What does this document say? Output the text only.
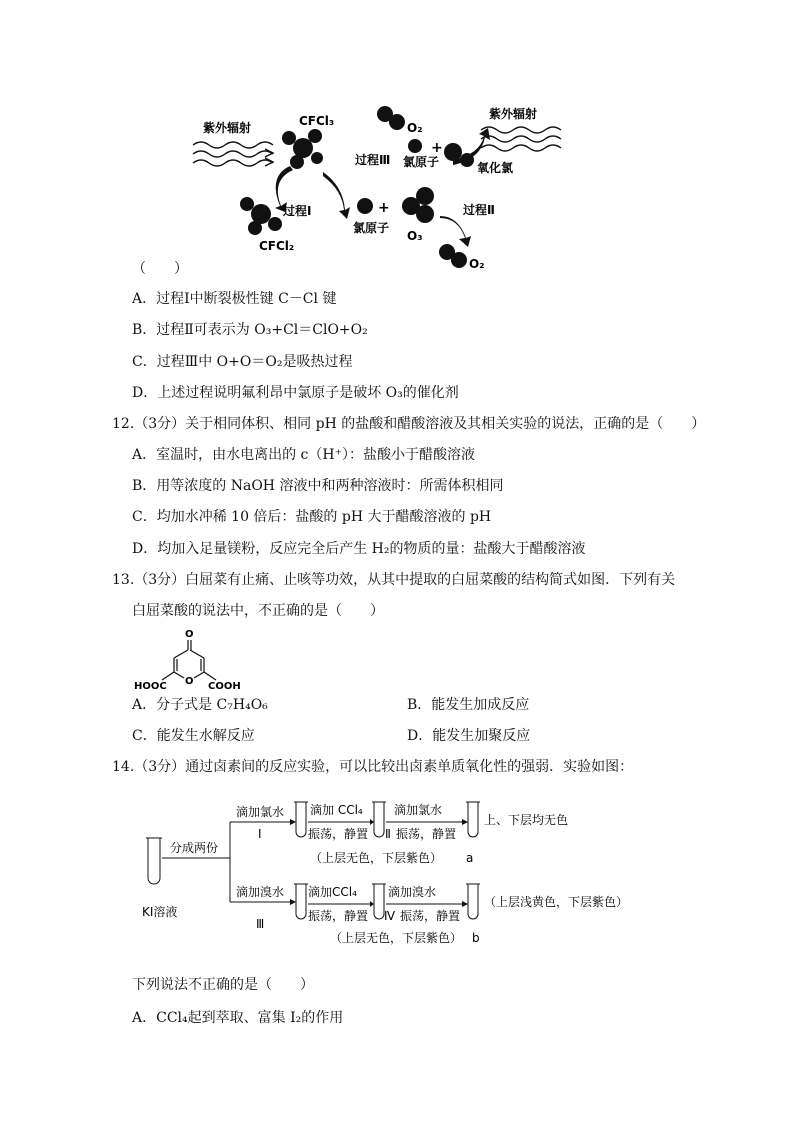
紫外辐射	CFCl₃
CFCl₂
过程Ⅰ	+
氯原子
O₃
O₂
+
过程Ⅲ 氯原子	氧化氯
紫外辐射
过程Ⅱ
O₂
（　　）
A．过程Ⅰ中断裂极性键 C－Cl 键
B．过程Ⅱ可表示为 O₃+Cl＝ClO+O₂
C．过程Ⅲ中 O+O＝O₂是吸热过程
D．上述过程说明氟利昂中氯原子是破坏 O₃的催化剂
12.（3分）关于相同体积、相同 pH 的盐酸和醋酸溶液及其相关实验的说法，正确的是（　　）
A．室温时，由水电离出的 c（H⁺）：盐酸小于醋酸溶液
B．用等浓度的 NaOH 溶液中和两种溶液时：所需体积相同
C．均加水冲稀 10 倍后：盐酸的 pH 大于醋酸溶液的 pH
D．均加入足量镁粉，反应完全后产生 H₂的物质的量：盐酸大于醋酸溶液
13.（3分）白屈菜有止痛、止咳等功效，从其中提取的白屈菜酸的结构简式如图．下列有关
白屈菜酸的说法中，不正确的是（　　）
O
O
HOOC	COOH
A．分子式是 C₇H₄O₆	B．能发生加成反应
C．能发生水解反应	D．能发生加聚反应
14.（3分）通过卤素间的反应实验，可以比较出卤素单质氧化性的强弱．实验如图：
KI溶液
分成两份
滴加氯水
Ⅰ
滴加 CCl₄
振荡，静置 Ⅱ
滴加氯水
振荡，静置
上、下层均无色
（上层无色，下层紫色） a
滴加溴水
Ⅲ
滴加CCl₄
振荡，静置 Ⅳ
滴加溴水
振荡，静置
（上层浅黄色，下层紫色）
（上层无色，下层紫色） b
下列说法不正确的是（　　）
A．CCl₄起到萃取、富集 I₂的作用
